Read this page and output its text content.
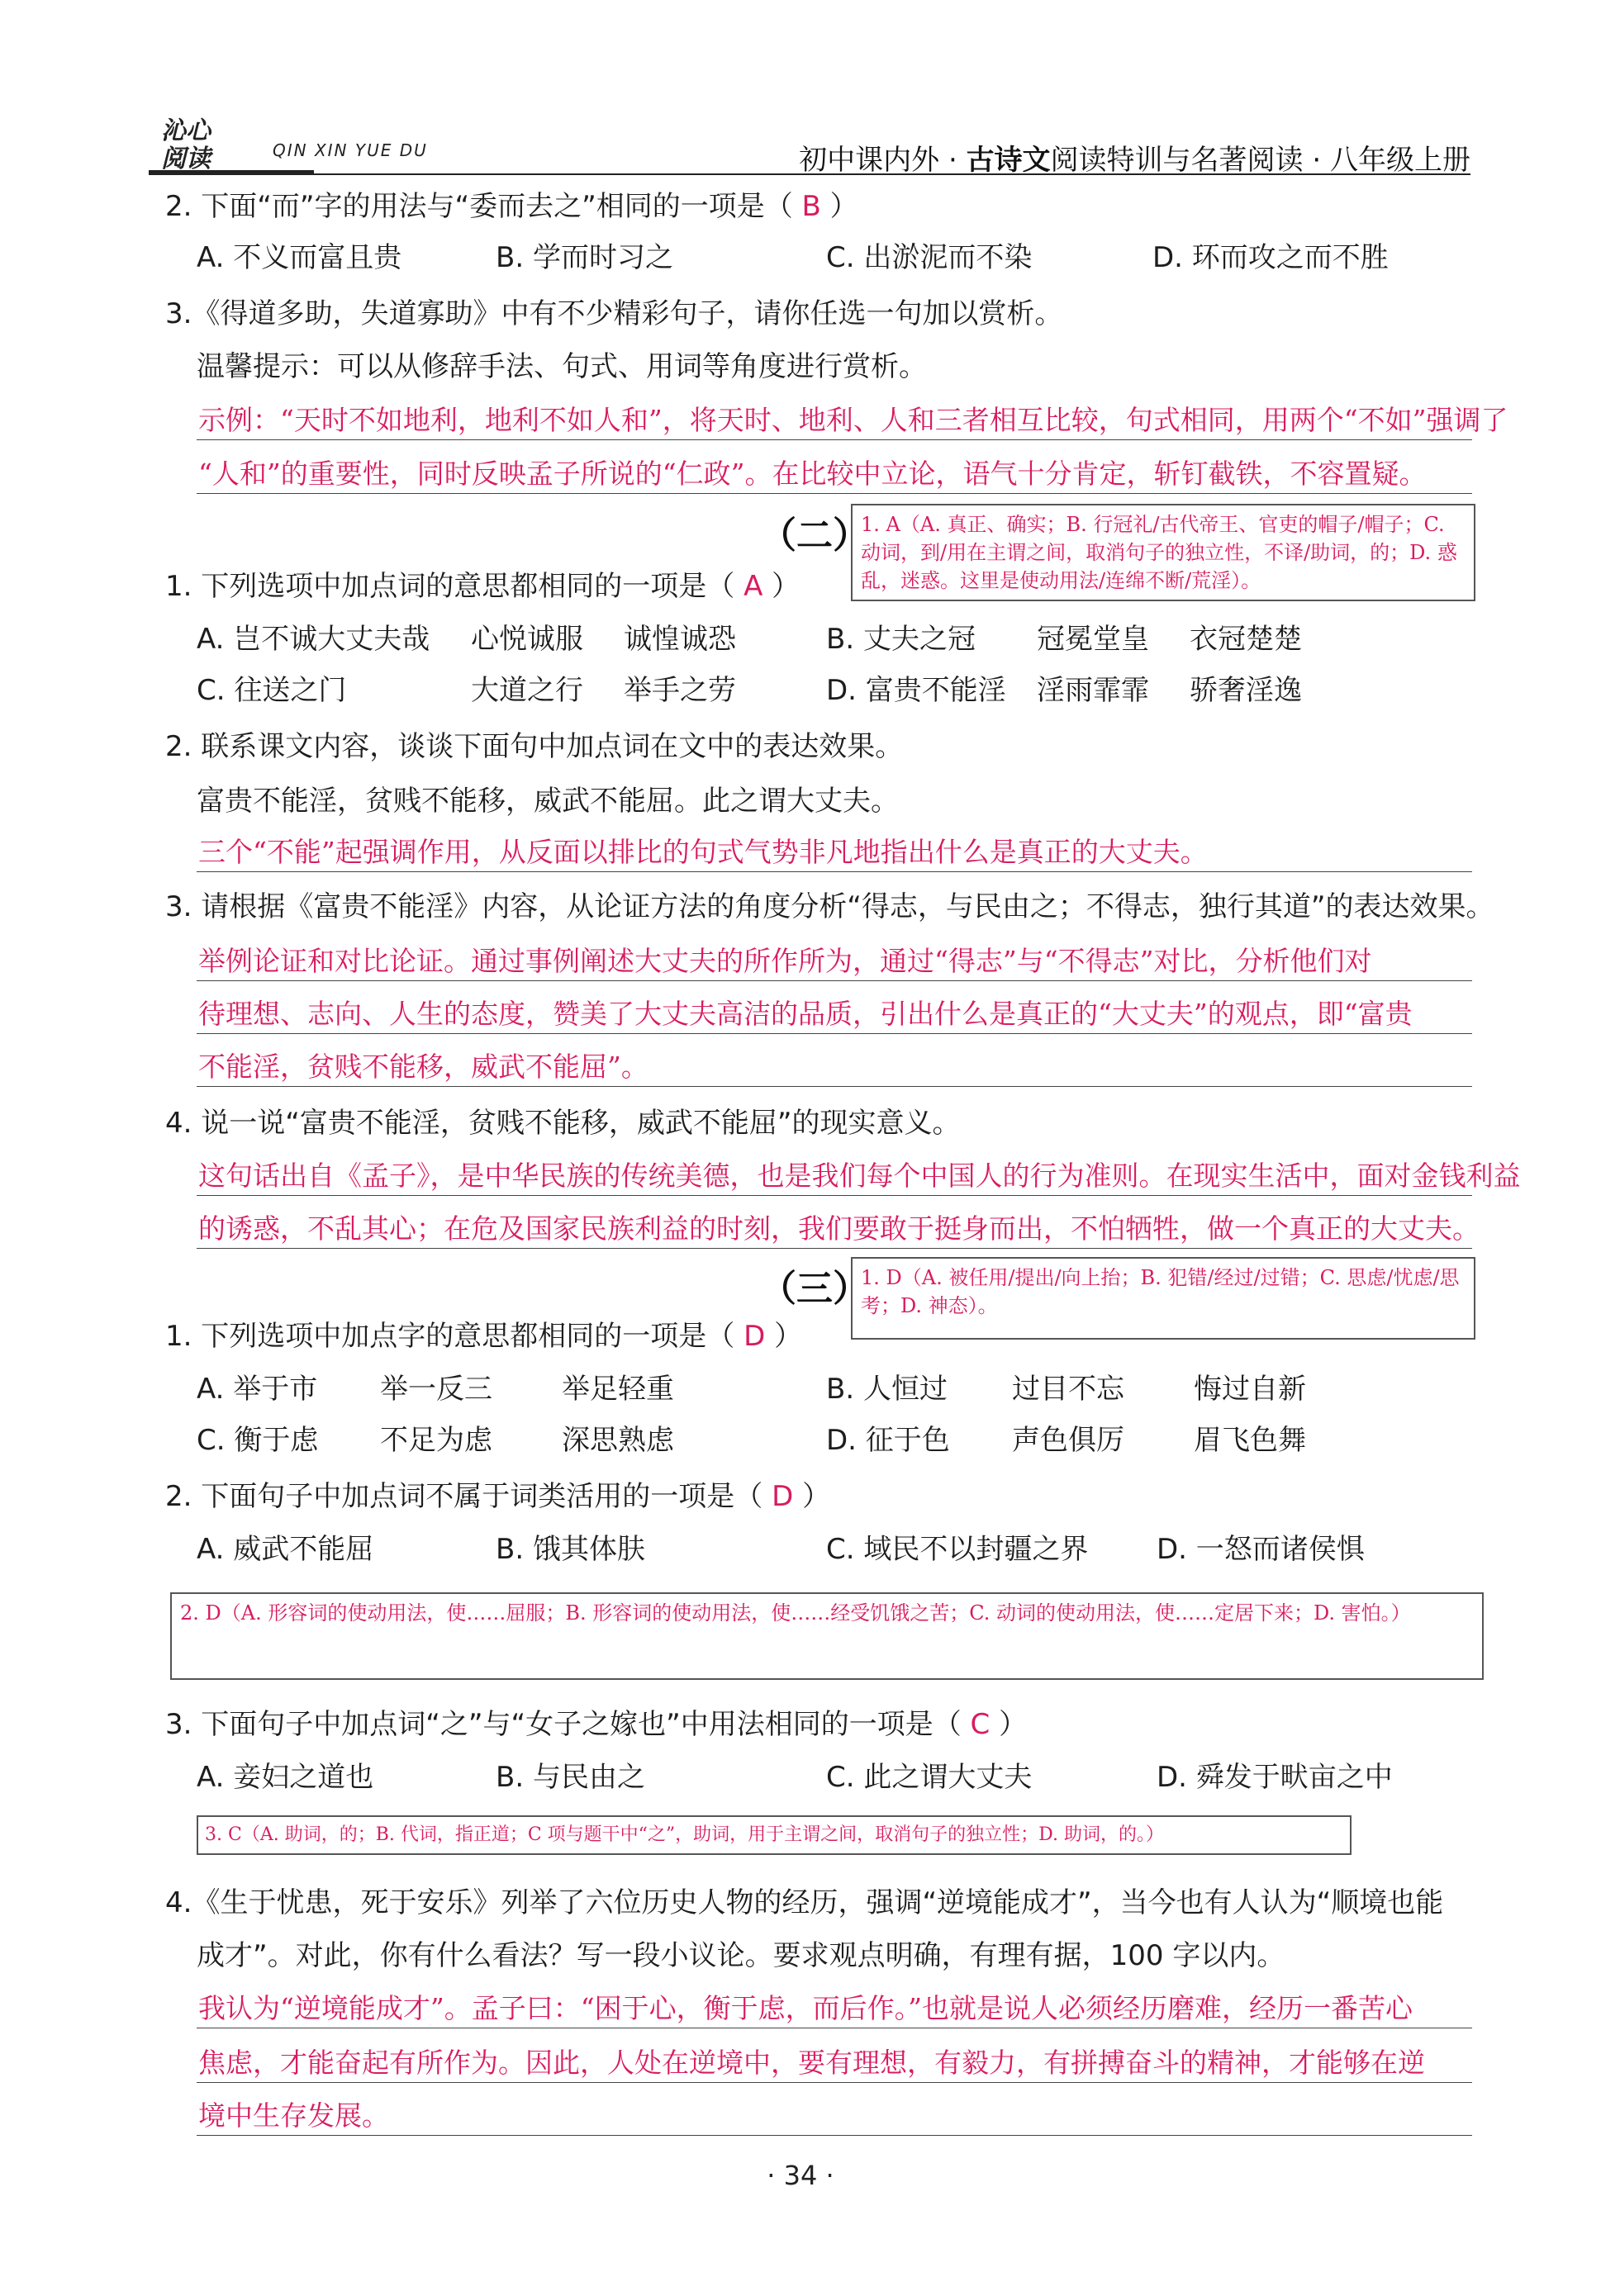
沁心
阅读	QIN XIN YUE DU	初中课内外 · 古诗文阅读特训与名著阅读 · 八年级上册
2. 下面“而”字的用法与“委而去之”相同的一项是（ B ）
A. 不义而富且贵	B. 学而时习之	C. 出淤泥而不染	D. 环而攻之而不胜
3.《得道多助，失道寡助》中有不少精彩句子，请你任选一句加以赏析。
温馨提示：可以从修辞手法、句式、用词等角度进行赏析。
示例：“天时不如地利，地利不如人和”，将天时、地利、人和三者相互比较，句式相同，用两个“不如”强调了
“人和”的重要性，同时反映孟子所说的“仁政”。在比较中立论，语气十分肯定，斩钉截铁，不容置疑。
（二）
1. A（A. 真正、确实；B. 行冠礼/古代帝王、官吏的帽子/帽子；C. 动词，到/用在主谓之间，取消句子的独立性，不译/助词，的；D. 惑乱，迷惑。这里是使动用法/连绵不断/荒淫）。
1. 下列选项中加点词的意思都相同的一项是（ A ）
A. 岂不诚大丈夫哉 心悦诚服 诚惶诚恐	B. 丈夫之冠 冠冕堂皇 衣冠楚楚
C. 往送之门	大道之行 举手之劳	D. 富贵不能淫 淫雨霏霏 骄奢淫逸
2. 联系课文内容，谈谈下面句中加点词在文中的表达效果。
富贵不能淫，贫贱不能移，威武不能屈。此之谓大丈夫。
三个“不能”起强调作用，从反面以排比的句式气势非凡地指出什么是真正的大丈夫。
3. 请根据《富贵不能淫》内容，从论证方法的角度分析“得志，与民由之；不得志，独行其道”的表达效果。
举例论证和对比论证。通过事例阐述大丈夫的所作所为，通过“得志”与“不得志”对比，分析他们对
待理想、志向、人生的态度，赞美了大丈夫高洁的品质，引出什么是真正的“大丈夫”的观点，即“富贵
不能淫，贫贱不能移，威武不能屈”。
4. 说一说“富贵不能淫，贫贱不能移，威武不能屈”的现实意义。
这句话出自《孟子》，是中华民族的传统美德，也是我们每个中国人的行为准则。在现实生活中，面对金钱利益
的诱惑，不乱其心；在危及国家民族利益的时刻，我们要敢于挺身而出，不怕牺牲，做一个真正的大丈夫。
（三）
1. D（A. 被任用/提出/向上抬；B. 犯错/经过/过错；C. 思虑/忧虑/思考；D. 神态）。
1. 下列选项中加点字的意思都相同的一项是（ D ）
A. 举于市 举一反三 举足轻重	B. 人恒过 过目不忘 悔过自新
C. 衡于虑 不足为虑 深思熟虑	D. 征于色 声色俱厉 眉飞色舞
2. 下面句子中加点词不属于词类活用的一项是（ D ）
A. 威武不能屈	B. 饿其体肤	C. 域民不以封疆之界 D. 一怒而诸侯惧
2. D（A. 形容词的使动用法，使……屈服；B. 形容词的使动用法，使……经受饥饿之苦；C. 动词的使动用法，使……定居下来；D. 害怕。）
3. 下面句子中加点词“之”与“女子之嫁也”中用法相同的一项是（ C ）
A. 妾妇之道也	B. 与民由之	C. 此之谓大丈夫	D. 舜发于畎亩之中
3. C（A. 助词，的；B. 代词，指正道；C 项与题干中“之”，助词，用于主谓之间，取消句子的独立性；D. 助词，的。）
4.《生于忧患，死于安乐》列举了六位历史人物的经历，强调“逆境能成才”，当今也有人认为“顺境也能
成才”。对此，你有什么看法？写一段小议论。要求观点明确，有理有据，100 字以内。
我认为“逆境能成才”。孟子曰：“困于心，衡于虑，而后作。”也就是说人必须经历磨难，经历一番苦心
焦虑，才能奋起有所作为。因此，人处在逆境中，要有理想，有毅力，有拼搏奋斗的精神，才能够在逆
境中生存发展。
· 34 ·
